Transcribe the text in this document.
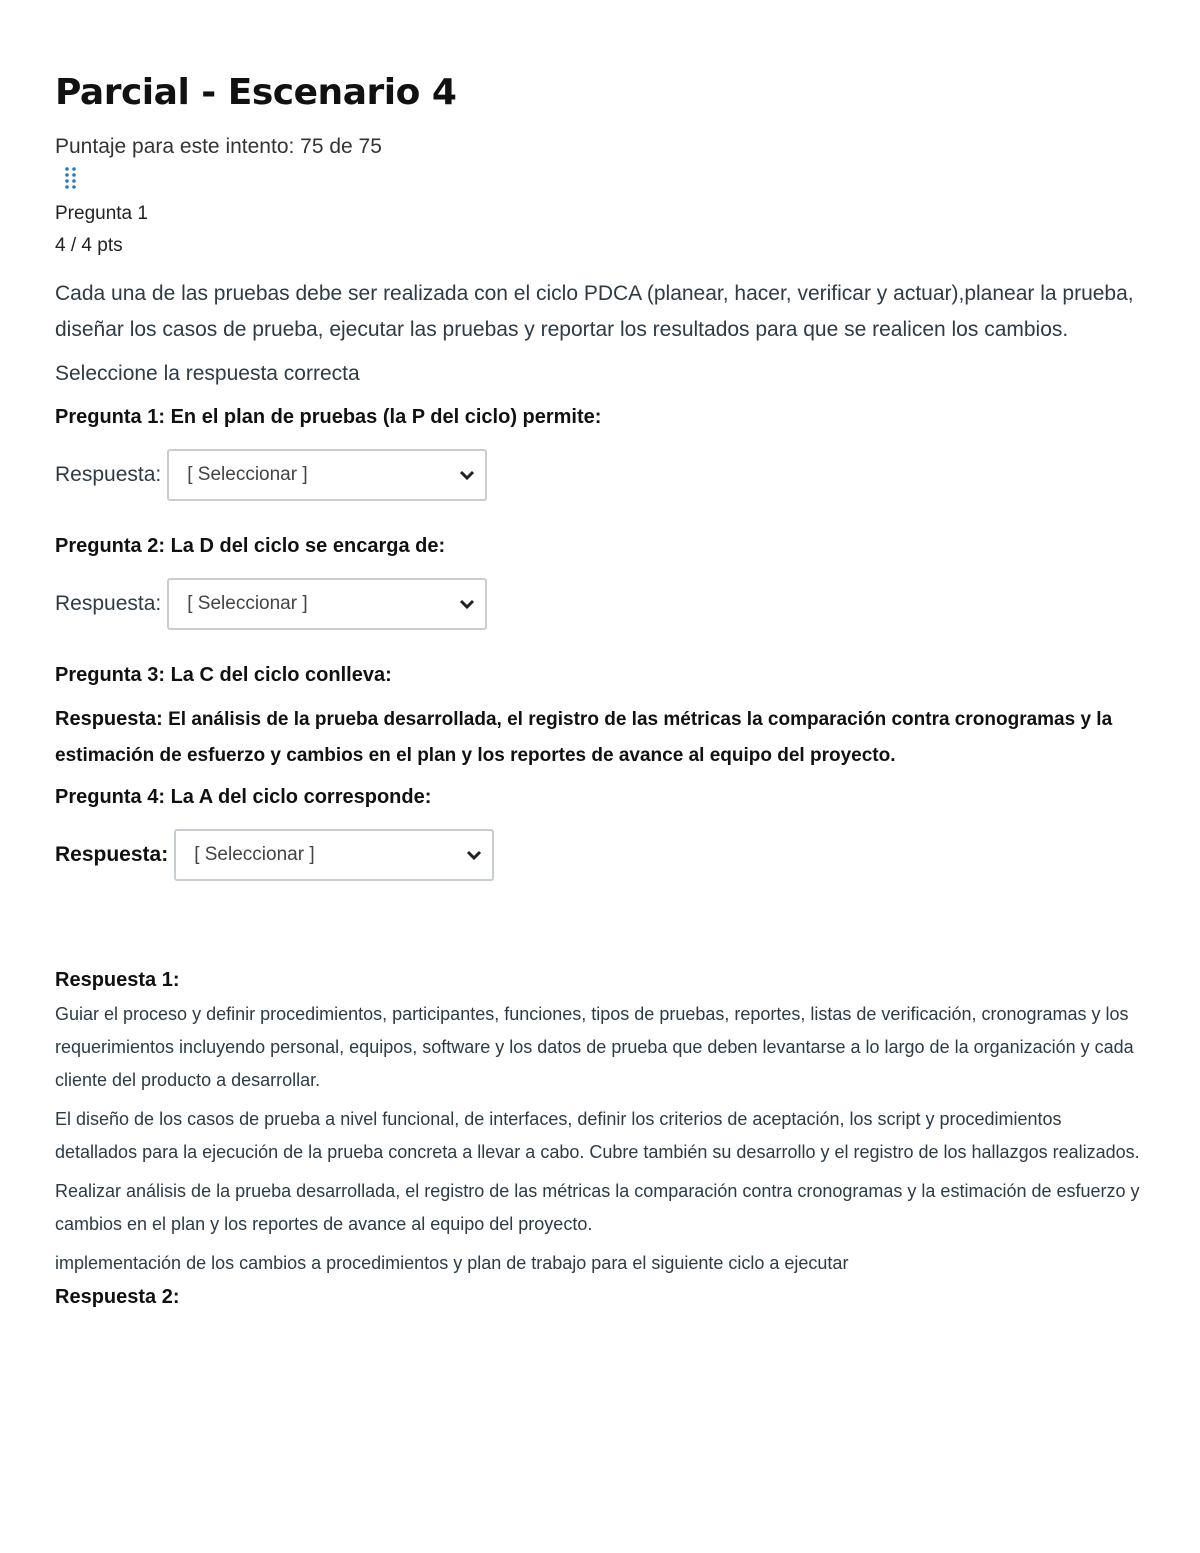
Parcial - Escenario 4
Puntaje para este intento: 75 de 75
Pregunta 1
4 / 4 pts

Cada una de las pruebas debe ser realizada con el ciclo PDCA (planear, hacer, verificar y actuar),planear la prueba, diseñar los casos de prueba, ejecutar las pruebas y reportar los resultados para que se realicen los cambios.

Seleccione la respuesta correcta

Pregunta 1: En el plan de pruebas (la P del ciclo) permite:
Respuesta: [ Seleccionar ]
Pregunta 2: La D del ciclo se encarga de:
Respuesta: [ Seleccionar ]
Pregunta 3: La C del ciclo conlleva:

Respuesta: El análisis de la prueba desarrollada, el registro de las métricas la comparación contra cronogramas y la estimación de esfuerzo y cambios en el plan y los reportes de avance al equipo del proyecto.

Pregunta 4: La A del ciclo corresponde:
Respuesta: [ Seleccionar ]
Respuesta 1:

Guiar el proceso y definir procedimientos, participantes, funciones, tipos de pruebas, reportes, listas de verificación, cronogramas y los requerimientos incluyendo personal, equipos, software y los datos de prueba que deben levantarse a lo largo de la organización y cada cliente del producto a desarrollar.

El diseño de los casos de prueba a nivel funcional, de interfaces, definir los criterios de aceptación, los script y procedimientos detallados para la ejecución de la prueba concreta a llevar a cabo. Cubre también su desarrollo y el registro de los hallazgos realizados.

Realizar análisis de la prueba desarrollada, el registro de las métricas la comparación contra cronogramas y la estimación de esfuerzo y cambios en el plan y los reportes de avance al equipo del proyecto.

implementación de los cambios a procedimientos y plan de trabajo para el siguiente ciclo a ejecutar

Respuesta 2:
